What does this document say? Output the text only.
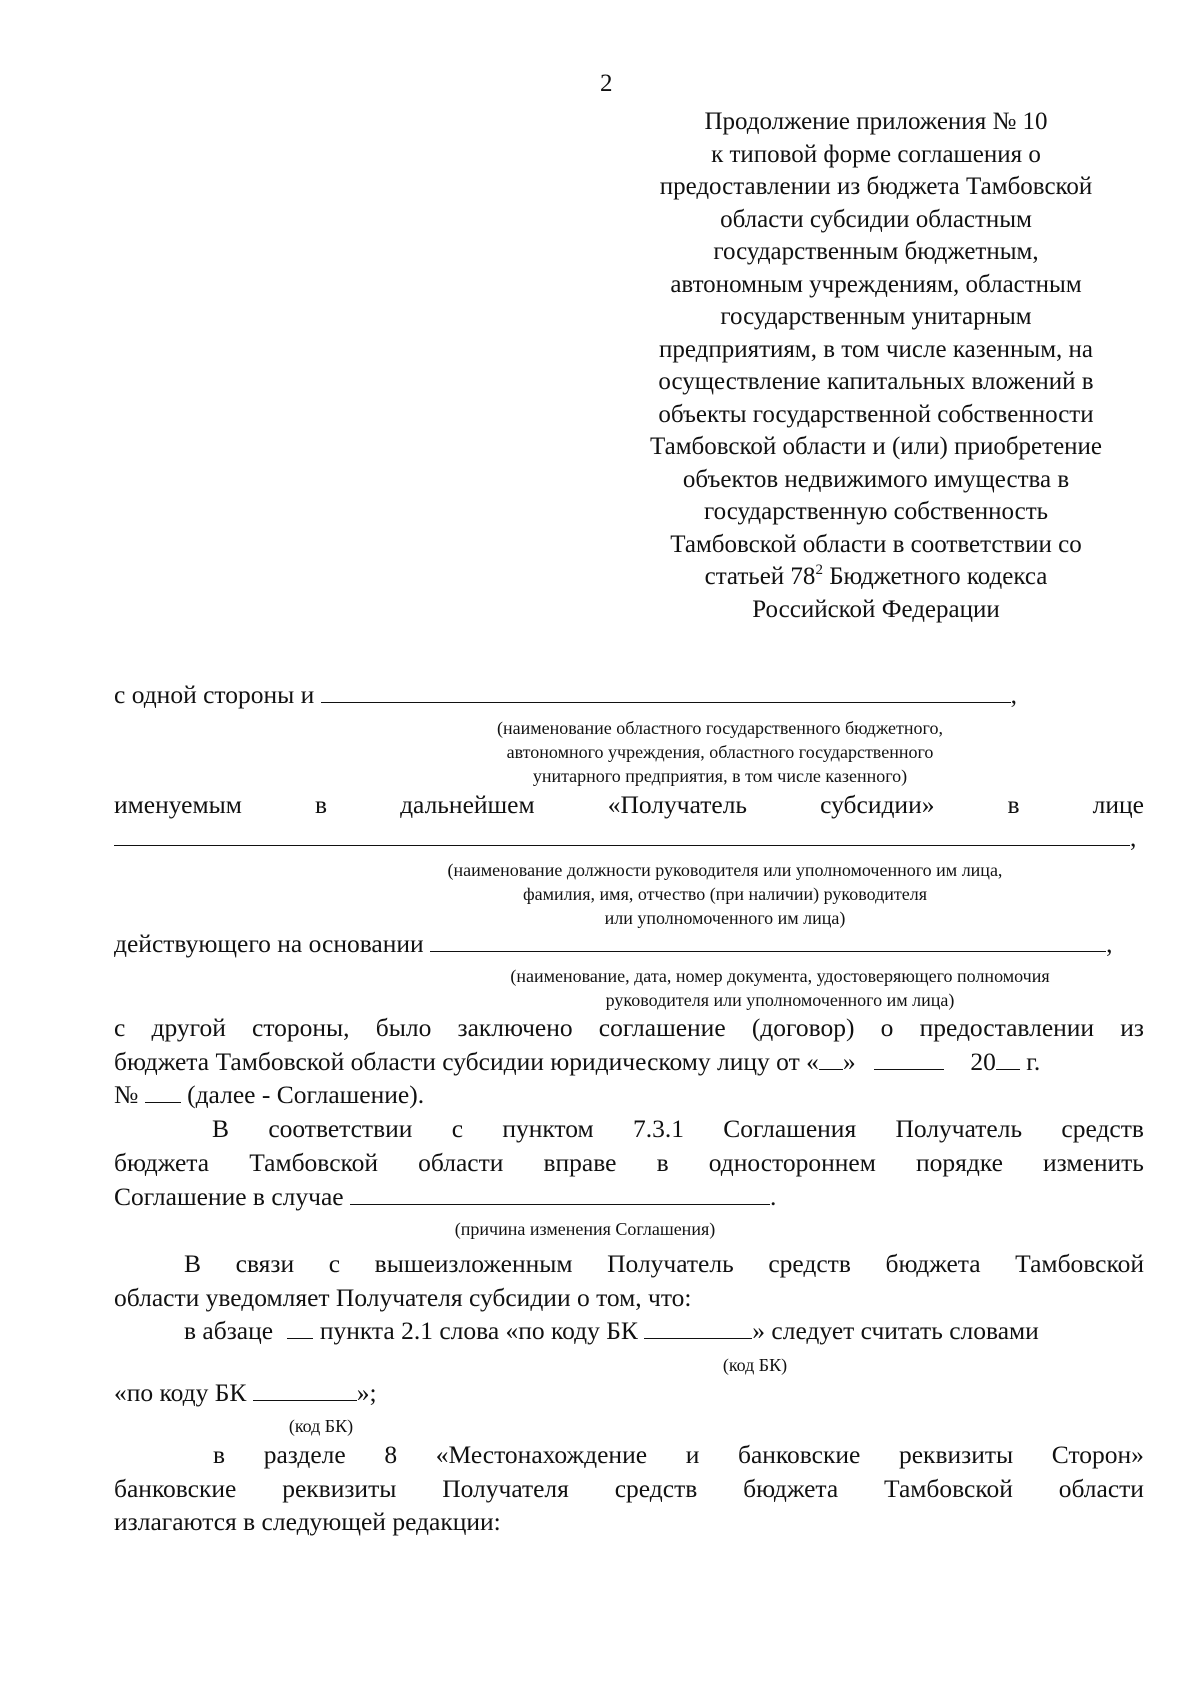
2
Продолжение приложения № 10
к типовой форме соглашения о
предоставлении из бюджета Тамбовской
области субсидии областным
государственным бюджетным,
автономным учреждениям, областным
государственным унитарным
предприятиям, в том числе казенным, на
осуществление капитальных вложений в
объекты государственной собственности
Тамбовской области и (или) приобретение
объектов недвижимого имущества в
государственную собственность
Тамбовской области в соответствии со
статьей $78^2$ Бюджетного кодекса
Российской Федерации
с одной стороны и	,
(наименование областного государственного бюджетного,
автономного учреждения, областного государственного
унитарного предприятия, в том числе казенного)
именуемым	в	дальнейшем	«Получатель	субсидии»	в	лице
,
(наименование должности руководителя или уполномоченного им лица,
фамилия, имя, отчество (при наличии) руководителя
или уполномоченного им лица)
действующего на основании	,
(наименование, дата, номер документа, удостоверяющего полномочия
руководителя или уполномоченного им лица)
с другой стороны, было заключено соглашение (договор) о предоставлении из
бюджета Тамбовской области субсидии юридическому лицу от « »	20 г.
№  (далее - Соглашение).
В соответствии с пунктом 7.3.1 Соглашения Получатель средств
бюджета Тамбовской области вправе в одностороннем порядке изменить
Соглашение в случае	.
(причина изменения Соглашения)
В связи с вышеизложенным Получатель средств бюджета Тамбовской
области уведомляет Получателя субсидии о том, что:
в абзаце пункта 2.1 слова «по коду БК	» следует считать словами
(код БК)
«по коду БК	»;
(код БК)
в разделе 8 «Местонахождение и банковские реквизиты Сторон»
банковские реквизиты Получателя средств бюджета Тамбовской области
излагаются в следующей редакции:
